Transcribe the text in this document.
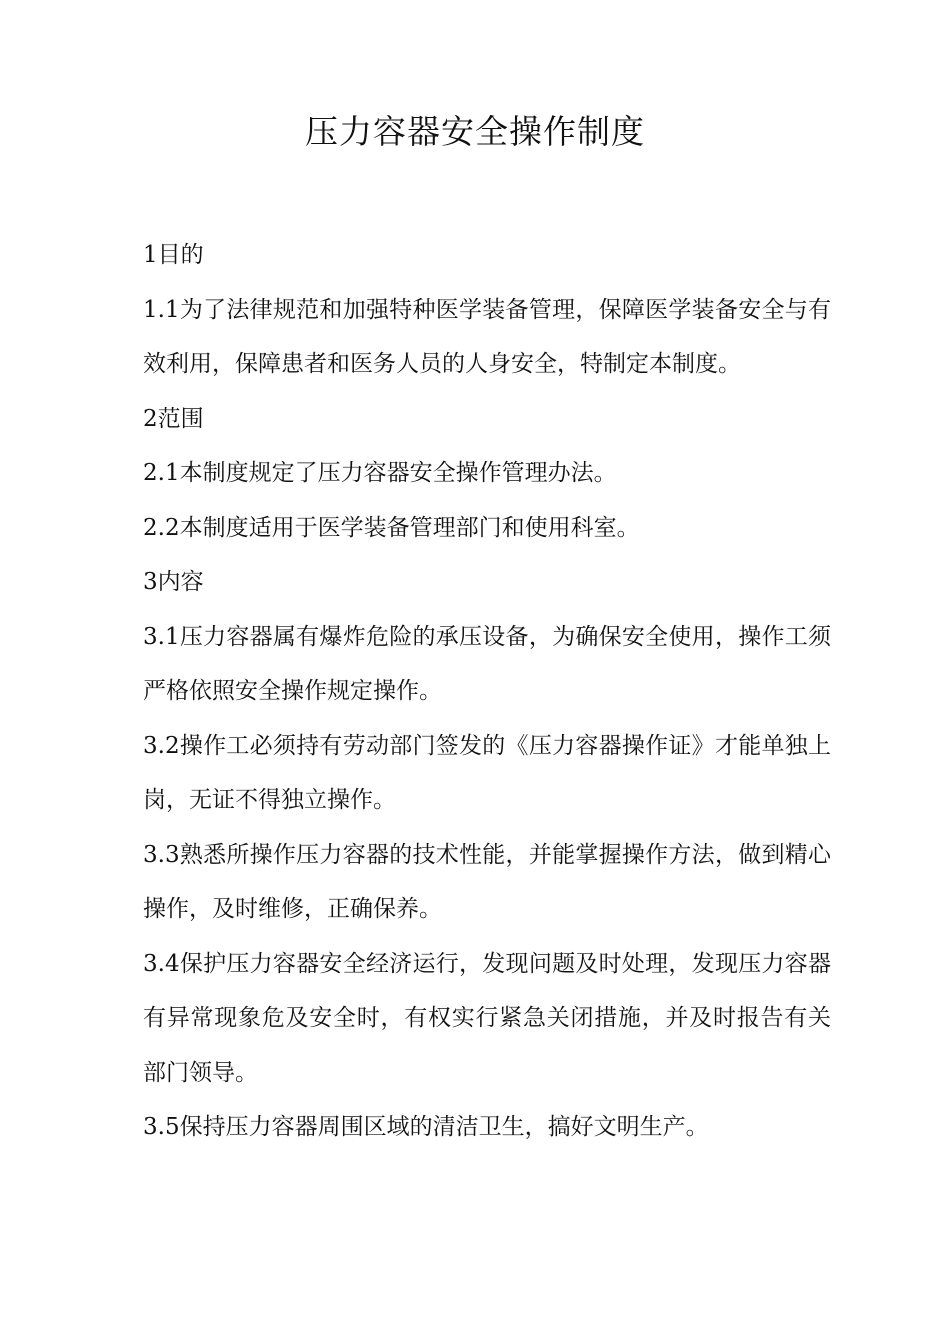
压力容器安全操作制度

1目的

1.1为了法律规范和加强特种医学装备管理，保障医学装备安全与有效利用，保障患者和医务人员的人身安全，特制定本制度。

2范围

2.1本制度规定了压力容器安全操作管理办法。

2.2本制度适用于医学装备管理部门和使用科室。

3内容

3.1压力容器属有爆炸危险的承压设备，为确保安全使用，操作工须严格依照安全操作规定操作。

3.2操作工必须持有劳动部门签发的《压力容器操作证》才能单独上岗，无证不得独立操作。

3.3熟悉所操作压力容器的技术性能，并能掌握操作方法，做到精心操作，及时维修，正确保养。

3.4保护压力容器安全经济运行，发现问题及时处理，发现压力容器有异常现象危及安全时，有权实行紧急关闭措施，并及时报告有关部门领导。

3.5保持压力容器周围区域的清洁卫生，搞好文明生产。
